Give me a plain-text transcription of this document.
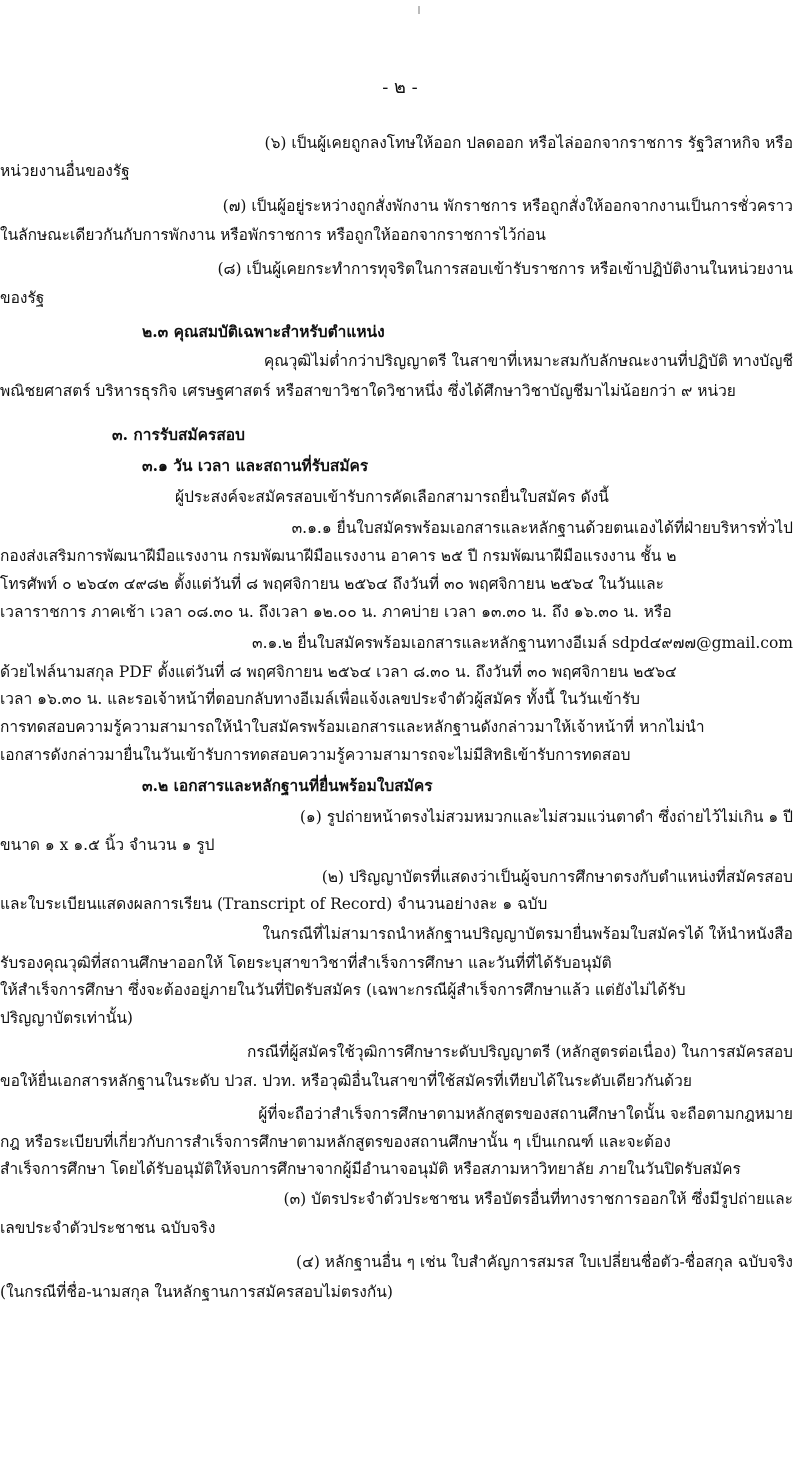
- ๒ -
(๖) เป็นผู้เคยถูกลงโทษให้ออก ปลดออก หรือไล่ออกจากราชการ รัฐวิสาหกิจ หรือ
หน่วยงานอื่นของรัฐ
(๗) เป็นผู้อยู่ระหว่างถูกสั่งพักงาน พักราชการ หรือถูกสั่งให้ออกจากงานเป็นการชั่วคราว
ในลักษณะเดียวกันกับการพักงาน หรือพักราชการ หรือถูกให้ออกจากราชการไว้ก่อน
(๘) เป็นผู้เคยกระทำการทุจริตในการสอบเข้ารับราชการ หรือเข้าปฏิบัติงานในหน่วยงาน
ของรัฐ
๒.๓ คุณสมบัติเฉพาะสำหรับตำแหน่ง
คุณวุฒิไม่ต่ำกว่าปริญญาตรี ในสาขาที่เหมาะสมกับลักษณะงานที่ปฏิบัติ ทางบัญชี
พณิชยศาสตร์ บริหารธุรกิจ เศรษฐศาสตร์ หรือสาขาวิชาใดวิชาหนึ่ง ซึ่งได้ศึกษาวิชาบัญชีมาไม่น้อยกว่า ๙ หน่วย
๓. การรับสมัครสอบ
๓.๑ วัน เวลา และสถานที่รับสมัคร
ผู้ประสงค์จะสมัครสอบเข้ารับการคัดเลือกสามารถยื่นใบสมัคร ดังนี้
๓.๑.๑ ยื่นใบสมัครพร้อมเอกสารและหลักฐานด้วยตนเองได้ที่ฝ่ายบริหารทั่วไป
กองส่งเสริมการพัฒนาฝีมือแรงงาน กรมพัฒนาฝีมือแรงงาน อาคาร ๒๕ ปี กรมพัฒนาฝีมือแรงงาน ชั้น ๒
โทรศัพท์ ๐ ๒๖๔๓ ๔๙๘๒ ตั้งแต่วันที่ ๘ พฤศจิกายน ๒๕๖๔ ถึงวันที่ ๓๐ พฤศจิกายน ๒๕๖๔ ในวันและ
เวลาราชการ ภาคเช้า เวลา ๐๘.๓๐ น. ถึงเวลา ๑๒.๐๐ น. ภาคบ่าย เวลา ๑๓.๓๐ น. ถึง ๑๖.๓๐ น. หรือ
๓.๑.๒ ยื่นใบสมัครพร้อมเอกสารและหลักฐานทางอีเมล์ sdpd๔๙๗๗@gmail.com
ด้วยไฟล์นามสกุล PDF ตั้งแต่วันที่ ๘ พฤศจิกายน ๒๕๖๔ เวลา ๘.๓๐ น. ถึงวันที่ ๓๐ พฤศจิกายน ๒๕๖๔
เวลา ๑๖.๓๐ น. และรอเจ้าหน้าที่ตอบกลับทางอีเมล์เพื่อแจ้งเลขประจำตัวผู้สมัคร ทั้งนี้ ในวันเข้ารับ
การทดสอบความรู้ความสามารถให้นำใบสมัครพร้อมเอกสารและหลักฐานดังกล่าวมาให้เจ้าหน้าที่ หากไม่นำ
เอกสารดังกล่าวมายื่นในวันเข้ารับการทดสอบความรู้ความสามารถจะไม่มีสิทธิเข้ารับการทดสอบ
๓.๒ เอกสารและหลักฐานที่ยื่นพร้อมใบสมัคร
(๑) รูปถ่ายหน้าตรงไม่สวมหมวกและไม่สวมแว่นตาดำ ซึ่งถ่ายไว้ไม่เกิน ๑ ปี
ขนาด ๑ x ๑.๕ นิ้ว จำนวน ๑ รูป
(๒) ปริญญาบัตรที่แสดงว่าเป็นผู้จบการศึกษาตรงกับตำแหน่งที่สมัครสอบ
และใบระเบียนแสดงผลการเรียน (Transcript of Record) จำนวนอย่างละ ๑ ฉบับ
ในกรณีที่ไม่สามารถนำหลักฐานปริญญาบัตรมายื่นพร้อมใบสมัครได้ ให้นำหนังสือ
รับรองคุณวุฒิที่สถานศึกษาออกให้ โดยระบุสาขาวิชาที่สำเร็จการศึกษา และวันที่ที่ได้รับอนุมัติ
ให้สำเร็จการศึกษา ซึ่งจะต้องอยู่ภายในวันที่ปิดรับสมัคร (เฉพาะกรณีผู้สำเร็จการศึกษาแล้ว แต่ยังไม่ได้รับ
ปริญญาบัตรเท่านั้น)
กรณีที่ผู้สมัครใช้วุฒิการศึกษาระดับปริญญาตรี (หลักสูตรต่อเนื่อง) ในการสมัครสอบ
ขอให้ยื่นเอกสารหลักฐานในระดับ ปวส. ปวท. หรือวุฒิอื่นในสาขาที่ใช้สมัครที่เทียบได้ในระดับเดียวกันด้วย
ผู้ที่จะถือว่าสำเร็จการศึกษาตามหลักสูตรของสถานศึกษาใดนั้น จะถือตามกฎหมาย
กฎ หรือระเบียบที่เกี่ยวกับการสำเร็จการศึกษาตามหลักสูตรของสถานศึกษานั้น ๆ เป็นเกณฑ์ และจะต้อง
สำเร็จการศึกษา โดยได้รับอนุมัติให้จบการศึกษาจากผู้มีอำนาจอนุมัติ หรือสภามหาวิทยาลัย ภายในวันปิดรับสมัคร
(๓) บัตรประจำตัวประชาชน หรือบัตรอื่นที่ทางราชการออกให้ ซึ่งมีรูปถ่ายและ
เลขประจำตัวประชาชน ฉบับจริง
(๔) หลักฐานอื่น ๆ เช่น ใบสำคัญการสมรส ใบเปลี่ยนชื่อตัว-ชื่อสกุล ฉบับจริง
(ในกรณีที่ชื่อ-นามสกุล ในหลักฐานการสมัครสอบไม่ตรงกัน)
